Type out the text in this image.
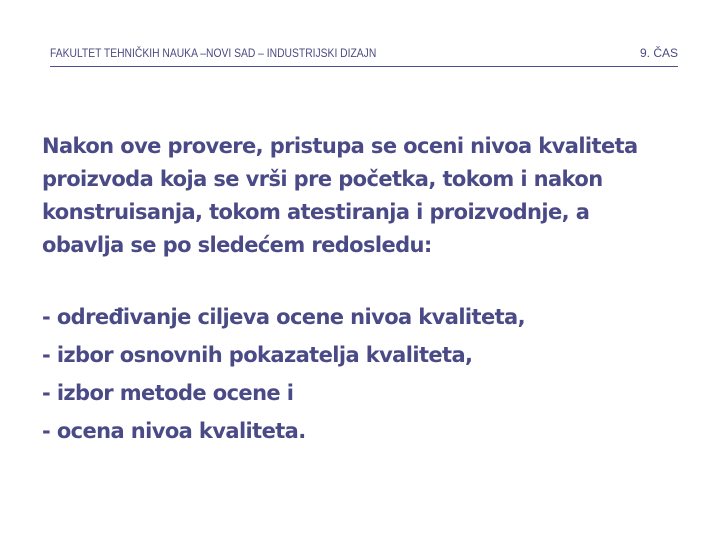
FAKULTET TEHNIČKIH NAUKA –NOVI SAD – INDUSTRIJSKI DIZAJN	9. ČAS

Nakon ove provere, pristupa se oceni nivoa kvaliteta
proizvoda koja se vrši pre početka, tokom i nakon
konstruisanja, tokom atestiranja i proizvodnje, a
obavlja se po sledećem redosledu:

- određivanje ciljeva ocene nivoa kvaliteta,
- izbor osnovnih pokazatelja kvaliteta,
- izbor metode ocene i
- ocena nivoa kvaliteta.
